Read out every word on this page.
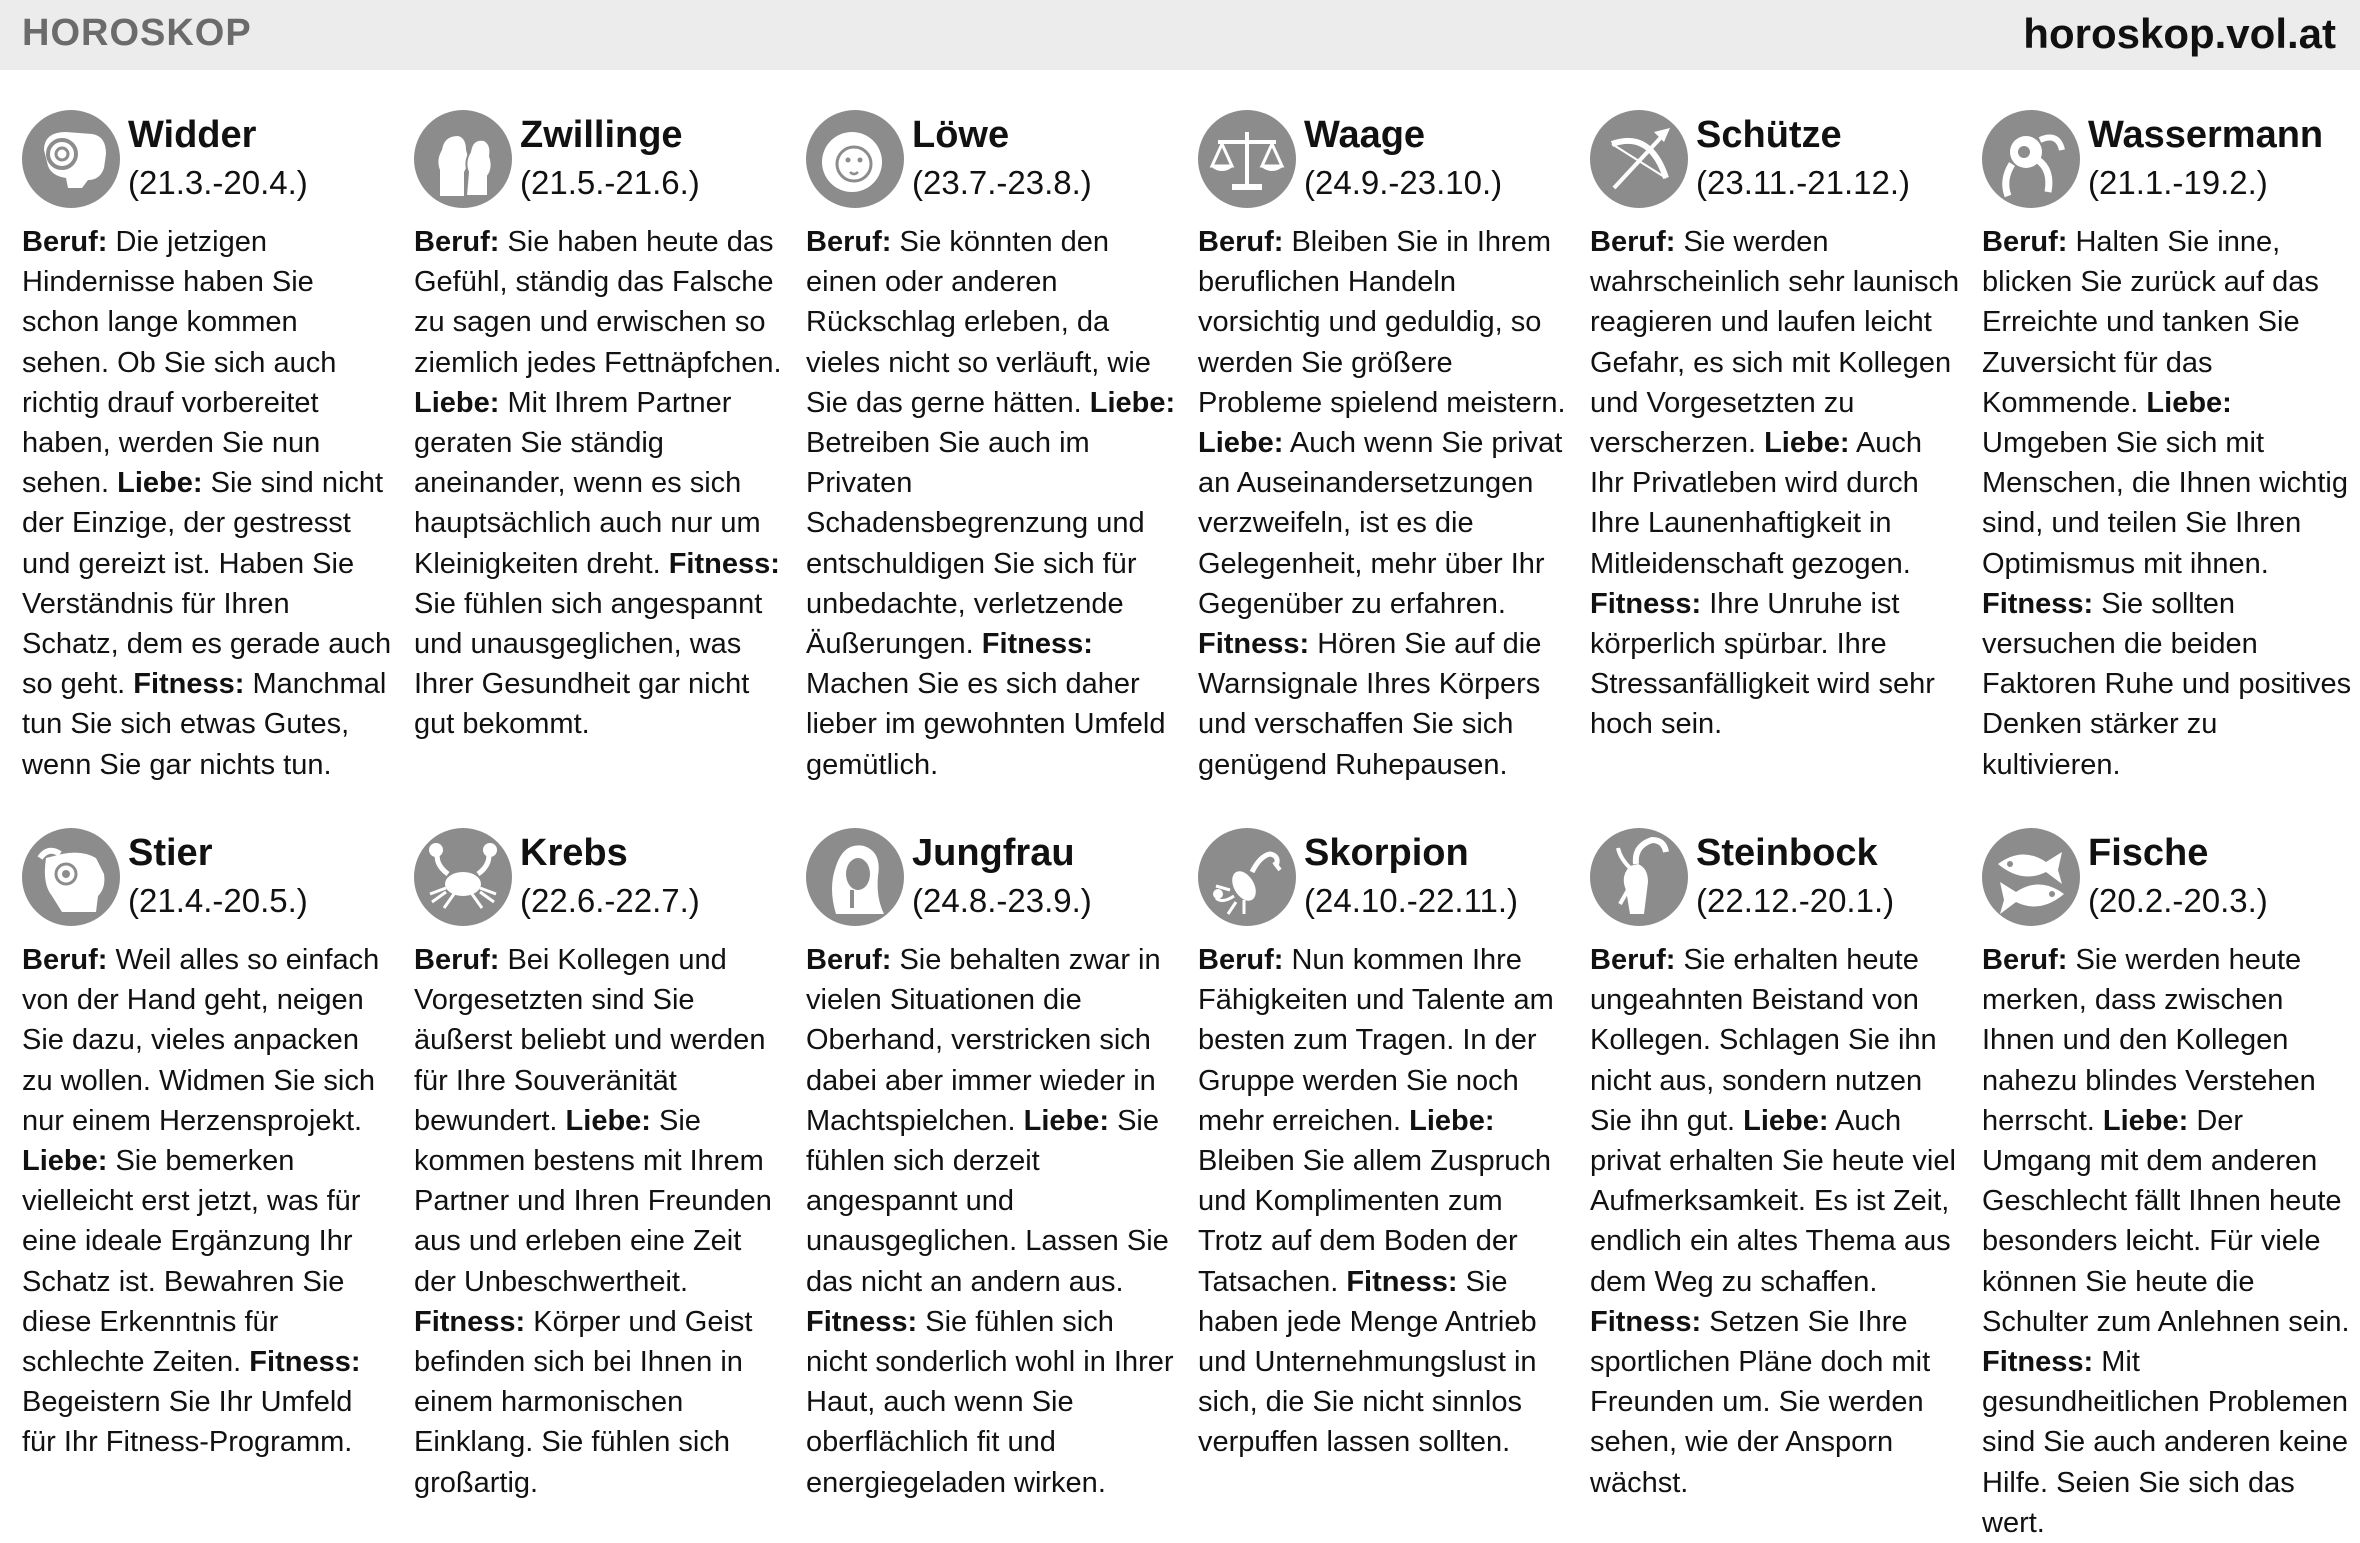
HOROSKOP	horoskop.vol.at
Widder
(21.3.-20.4.)
Beruf: Die jetzigen Hindernisse haben Sie schon lange kommen sehen. Ob Sie sich auch richtig drauf vorbereitet haben, werden Sie nun sehen. Liebe: Sie sind nicht der Einzige, der gestresst und gereizt ist. Haben Sie Verständnis für Ihren Schatz, dem es gerade auch so geht. Fitness: Manchmal tun Sie sich etwas Gutes, wenn Sie gar nichts tun.
Zwillinge
(21.5.-21.6.)
Beruf: Sie haben heute das Gefühl, ständig das Falsche zu sagen und erwischen so ziemlich jedes Fettnäpfchen. Liebe: Mit Ihrem Partner geraten Sie ständig aneinander, wenn es sich hauptsächlich auch nur um Kleinigkeiten dreht. Fitness: Sie fühlen sich angespannt und unausgeglichen, was Ihrer Gesundheit gar nicht gut bekommt.
Löwe
(23.7.-23.8.)
Beruf: Sie könnten den einen oder anderen Rückschlag erleben, da vieles nicht so verläuft, wie Sie das gerne hätten. Liebe: Betreiben Sie auch im Privaten Schadensbegrenzung und entschuldigen Sie sich für unbedachte, verletzende Äußerungen. Fitness: Machen Sie es sich daher lieber im gewohnten Umfeld gemütlich.
Waage
(24.9.-23.10.)
Beruf: Bleiben Sie in Ihrem beruflichen Handeln vorsichtig und geduldig, so werden Sie größere Probleme spielend meistern. Liebe: Auch wenn Sie privat an Auseinandersetzungen verzweifeln, ist es die Gelegenheit, mehr über Ihr Gegenüber zu erfahren. Fitness: Hören Sie auf die Warnsignale Ihres Körpers und verschaffen Sie sich genügend Ruhepausen.
Schütze
(23.11.-21.12.)
Beruf: Sie werden wahrscheinlich sehr launisch reagieren und laufen leicht Gefahr, es sich mit Kollegen und Vorgesetzten zu verscherzen. Liebe: Auch Ihr Privatleben wird durch Ihre Launenhaftigkeit in Mitleidenschaft gezogen. Fitness: Ihre Unruhe ist körperlich spürbar. Ihre Stressanfälligkeit wird sehr hoch sein.
Wassermann
(21.1.-19.2.)
Beruf: Halten Sie inne, blicken Sie zurück auf das Erreichte und tanken Sie Zuversicht für das Kommende. Liebe: Umgeben Sie sich mit Menschen, die Ihnen wichtig sind, und teilen Sie Ihren Optimismus mit ihnen. Fitness: Sie sollten versuchen die beiden Faktoren Ruhe und positives Denken stärker zu kultivieren.
Stier
(21.4.-20.5.)
Beruf: Weil alles so einfach von der Hand geht, neigen Sie dazu, vieles anpacken zu wollen. Widmen Sie sich nur einem Herzensprojekt. Liebe: Sie bemerken vielleicht erst jetzt, was für eine ideale Ergänzung Ihr Schatz ist. Bewahren Sie diese Erkenntnis für schlechte Zeiten. Fitness: Begeistern Sie Ihr Umfeld für Ihr Fitness-Programm.
Krebs
(22.6.-22.7.)
Beruf: Bei Kollegen und Vorgesetzten sind Sie äußerst beliebt und werden für Ihre Souveränität bewundert. Liebe: Sie kommen bestens mit Ihrem Partner und Ihren Freunden aus und erleben eine Zeit der Unbeschwertheit. Fitness: Körper und Geist befinden sich bei Ihnen in einem harmonischen Einklang. Sie fühlen sich großartig.
Jungfrau
(24.8.-23.9.)
Beruf: Sie behalten zwar in vielen Situationen die Oberhand, verstricken sich dabei aber immer wieder in Machtspielchen. Liebe: Sie fühlen sich derzeit angespannt und unausgeglichen. Lassen Sie das nicht an andern aus. Fitness: Sie fühlen sich nicht sonderlich wohl in Ihrer Haut, auch wenn Sie oberflächlich fit und energiegeladen wirken.
Skorpion
(24.10.-22.11.)
Beruf: Nun kommen Ihre Fähigkeiten und Talente am besten zum Tragen. In der Gruppe werden Sie noch mehr erreichen. Liebe: Bleiben Sie allem Zuspruch und Komplimenten zum Trotz auf dem Boden der Tatsachen. Fitness: Sie haben jede Menge Antrieb und Unternehmungslust in sich, die Sie nicht sinnlos verpuffen lassen sollten.
Steinbock
(22.12.-20.1.)
Beruf: Sie erhalten heute ungeahnten Beistand von Kollegen. Schlagen Sie ihn nicht aus, sondern nutzen Sie ihn gut. Liebe: Auch privat erhalten Sie heute viel Aufmerksamkeit. Es ist Zeit, endlich ein altes Thema aus dem Weg zu schaffen. Fitness: Setzen Sie Ihre sportlichen Pläne doch mit Freunden um. Sie werden sehen, wie der Ansporn wächst.
Fische
(20.2.-20.3.)
Beruf: Sie werden heute merken, dass zwischen Ihnen und den Kollegen nahezu blindes Verstehen herrscht. Liebe: Der Umgang mit dem anderen Geschlecht fällt Ihnen heute besonders leicht. Für viele können Sie heute die Schulter zum Anlehnen sein. Fitness: Mit gesundheitlichen Problemen sind Sie auch anderen keine Hilfe. Seien Sie sich das wert.
